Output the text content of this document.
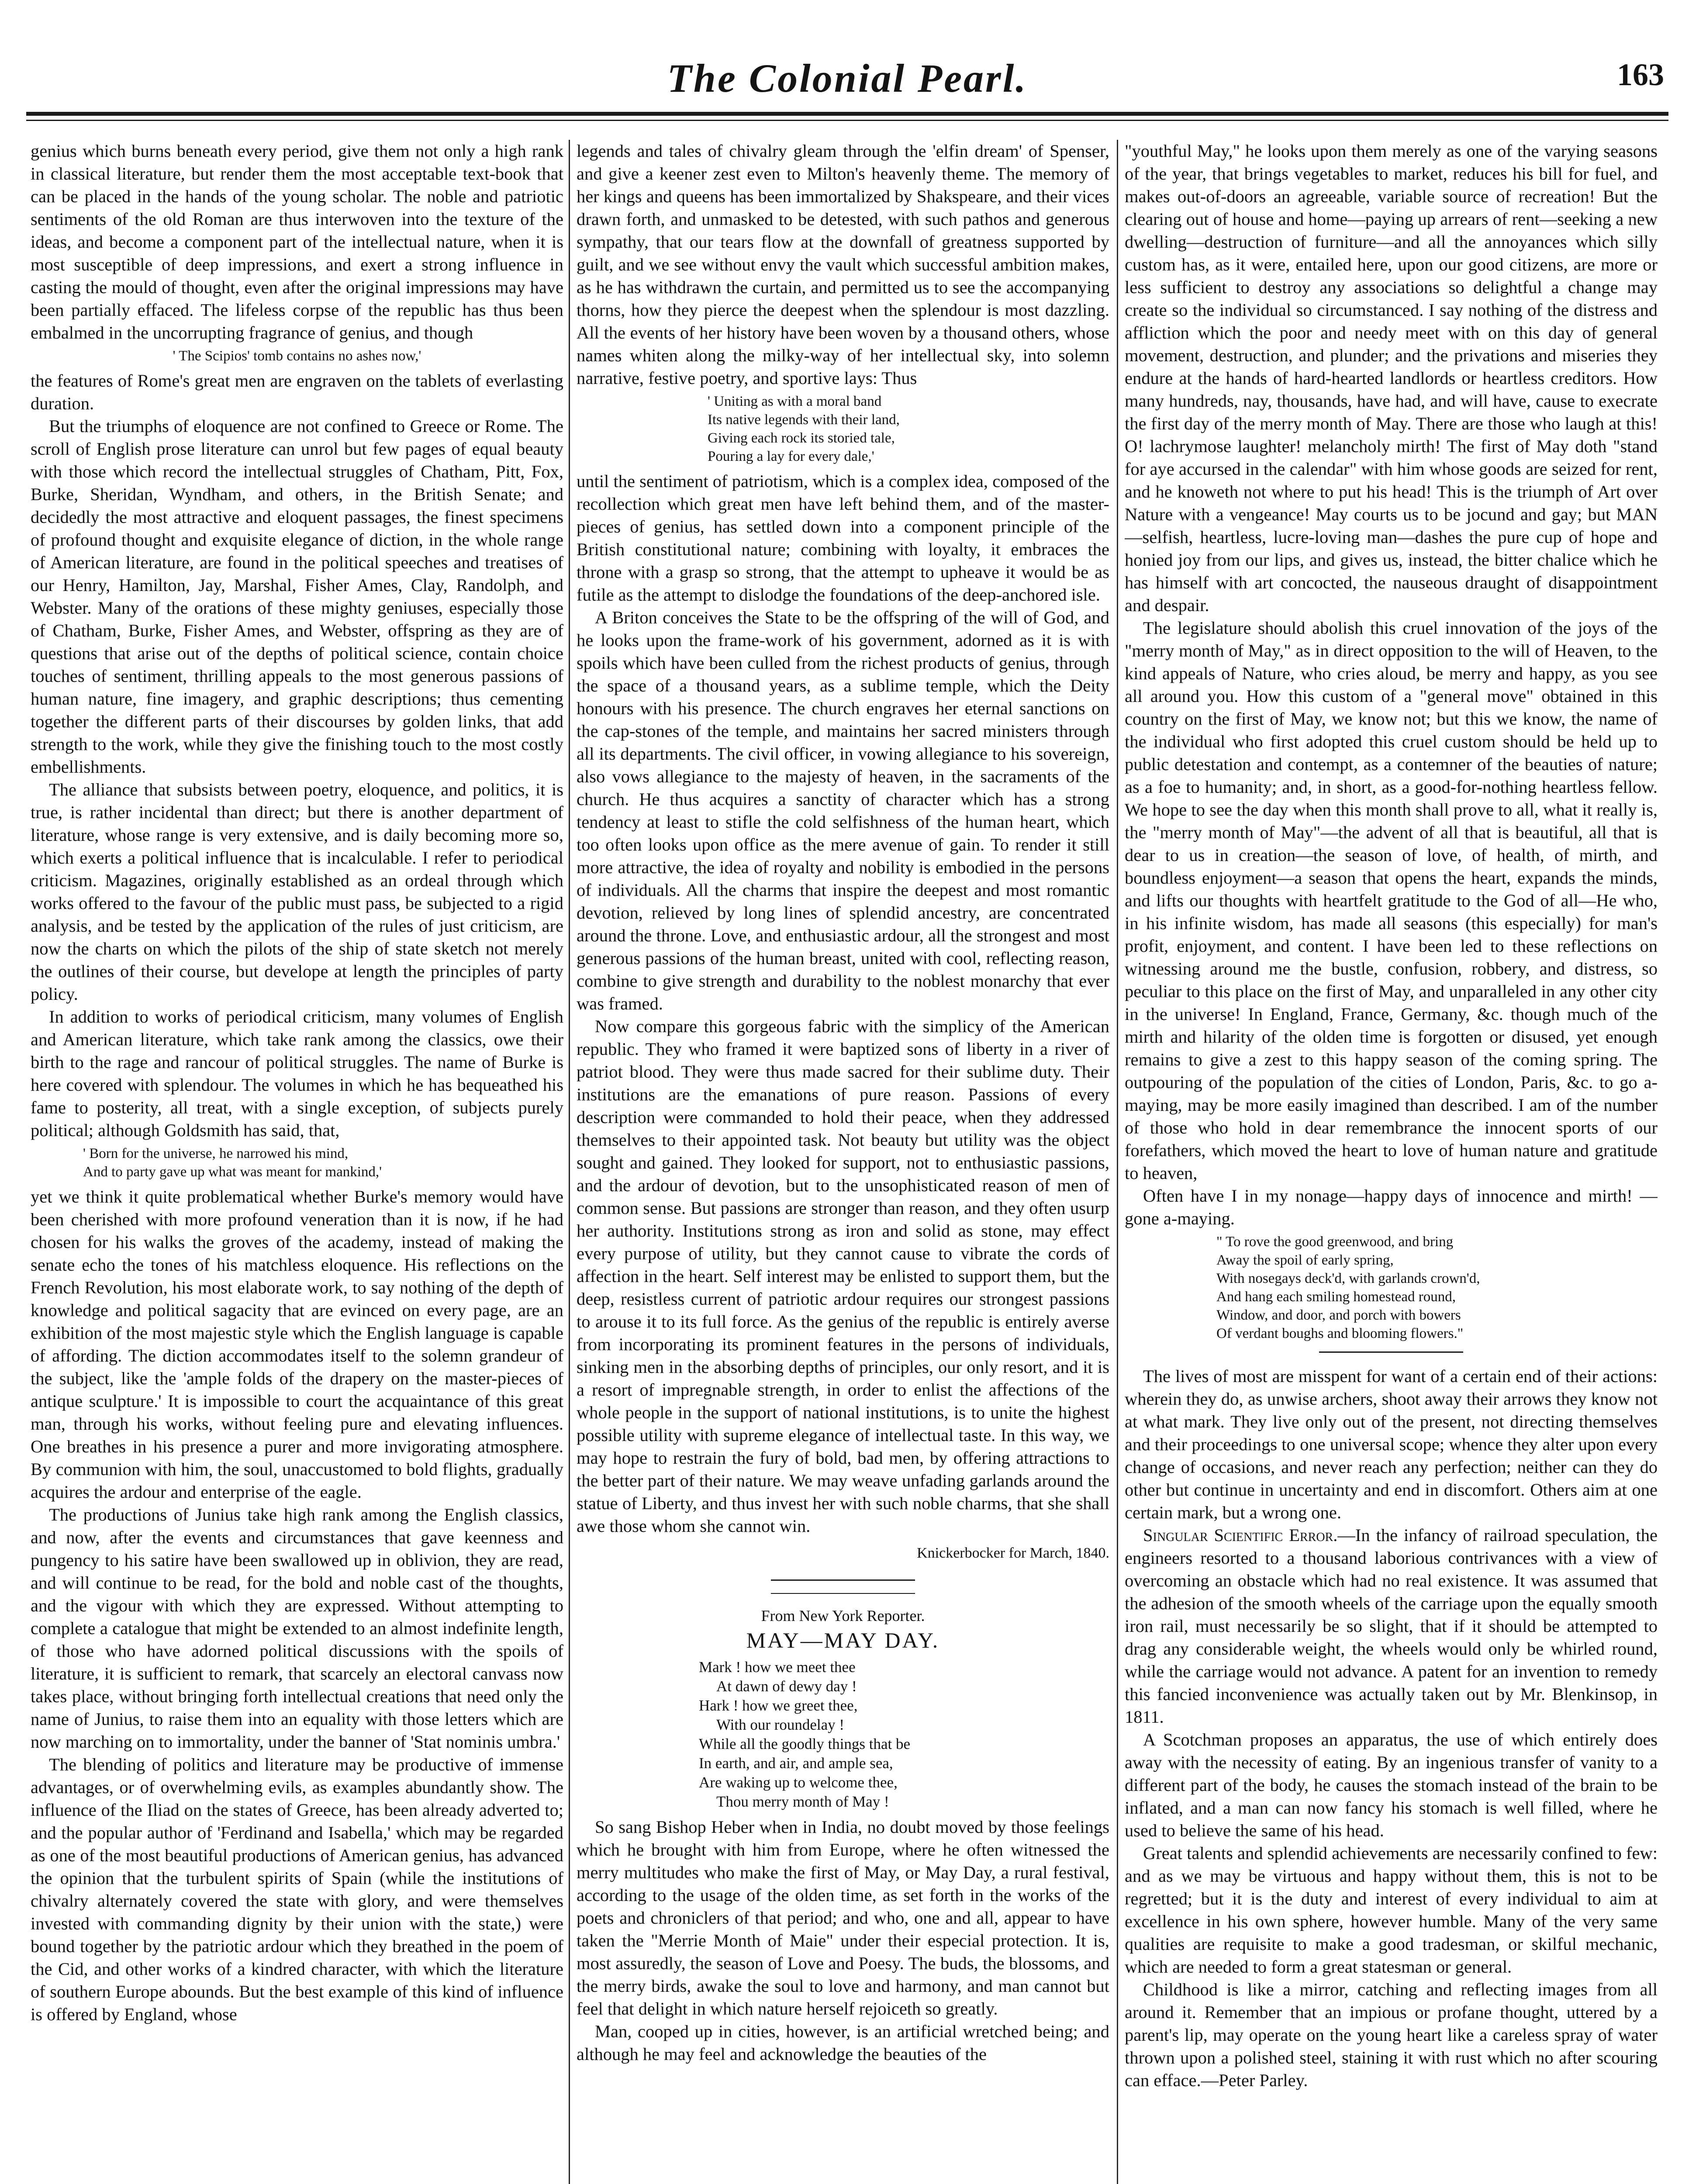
The Colonial Pearl.	163

genius which burns beneath every period, give them not only a high rank in classical literature, but render them the most acceptable text-book that can be placed in the hands of the young scholar. The noble and patriotic sentiments of the old Roman are thus interwoven into the texture of the ideas, and become a component part of the intellectual nature, when it is most susceptible of deep impressions, and exert a strong influence in casting the mould of thought, even after the original impressions may have been partially effaced. The lifeless corpse of the republic has thus been embalmed in the uncorrupting fragrance of genius, and though

' The Scipios' tomb contains no ashes now,'

the features of Rome's great men are engraven on the tablets of everlasting duration.

But the triumphs of eloquence are not confined to Greece or Rome. The scroll of English prose literature can unrol but few pages of equal beauty with those which record the intellectual struggles of Chatham, Pitt, Fox, Burke, Sheridan, Wyndham, and others, in the British Senate; and decidedly the most attractive and eloquent passages, the finest specimens of profound thought and exquisite elegance of diction, in the whole range of American literature, are found in the political speeches and treatises of our Henry, Hamilton, Jay, Marshal, Fisher Ames, Clay, Randolph, and Webster. Many of the orations of these mighty geniuses, especially those of Chatham, Burke, Fisher Ames, and Webster, offspring as they are of questions that arise out of the depths of political science, contain choice touches of sentiment, thrilling appeals to the most generous passions of human nature, fine imagery, and graphic descriptions; thus cementing together the different parts of their discourses by golden links, that add strength to the work, while they give the finishing touch to the most costly embellishments.

The alliance that subsists between poetry, eloquence, and politics, it is true, is rather incidental than direct; but there is another department of literature, whose range is very extensive, and is daily becoming more so, which exerts a political influence that is incalculable. I refer to periodical criticism. Magazines, originally established as an ordeal through which works offered to the favour of the public must pass, be subjected to a rigid analysis, and be tested by the application of the rules of just criticism, are now the charts on which the pilots of the ship of state sketch not merely the outlines of their course, but develope at length the principles of party policy.

In addition to works of periodical criticism, many volumes of English and American literature, which take rank among the classics, owe their birth to the rage and rancour of political struggles. The name of Burke is here covered with splendour. The volumes in which he has bequeathed his fame to posterity, all treat, with a single exception, of subjects purely political; although Goldsmith has said, that,

' Born for the universe, he narrowed his mind,
And to party gave up what was meant for mankind,'

yet we think it quite problematical whether Burke's memory would have been cherished with more profound veneration than it is now, if he had chosen for his walks the groves of the academy, instead of making the senate echo the tones of his matchless eloquence. His reflections on the French Revolution, his most elaborate work, to say nothing of the depth of knowledge and political sagacity that are evinced on every page, are an exhibition of the most majestic style which the English language is capable of affording. The diction accommodates itself to the solemn grandeur of the subject, like the 'ample folds of the drapery on the master-pieces of antique sculpture.' It is impossible to court the acquaintance of this great man, through his works, without feeling pure and elevating influences. One breathes in his presence a purer and more invigorating atmosphere. By communion with him, the soul, unaccustomed to bold flights, gradually acquires the ardour and enterprise of the eagle.

The productions of Junius take high rank among the English classics, and now, after the events and circumstances that gave keenness and pungency to his satire have been swallowed up in oblivion, they are read, and will continue to be read, for the bold and noble cast of the thoughts, and the vigour with which they are expressed. Without attempting to complete a catalogue that might be extended to an almost indefinite length, of those who have adorned political discussions with the spoils of literature, it is sufficient to remark, that scarcely an electoral canvass now takes place, without bringing forth intellectual creations that need only the name of Junius, to raise them into an equality with those letters which are now marching on to immortality, under the banner of 'Stat nominis umbra.'

The blending of politics and literature may be productive of immense advantages, or of overwhelming evils, as examples abundantly show. The influence of the Iliad on the states of Greece, has been already adverted to; and the popular author of 'Ferdinand and Isabella,' which may be regarded as one of the most beautiful productions of American genius, has advanced the opinion that the turbulent spirits of Spain (while the institutions of chivalry alternately covered the state with glory, and were themselves invested with commanding dignity by their union with the state,) were bound together by the patriotic ardour which they breathed in the poem of the Cid, and other works of a kindred character, with which the literature of southern Europe abounds. But the best example of this kind of influence is offered by England, whose

legends and tales of chivalry gleam through the 'elfin dream' of Spenser, and give a keener zest even to Milton's heavenly theme. The memory of her kings and queens has been immortalized by Shakspeare, and their vices drawn forth, and unmasked to be detested, with such pathos and generous sympathy, that our tears flow at the downfall of greatness supported by guilt, and we see without envy the vault which successful ambition makes, as he has withdrawn the curtain, and permitted us to see the accompanying thorns, how they pierce the deepest when the splendour is most dazzling. All the events of her history have been woven by a thousand others, whose names whiten along the milky-way of her intellectual sky, into solemn narrative, festive poetry, and sportive lays: Thus

' Uniting as with a moral band
Its native legends with their land,
Giving each rock its storied tale,
Pouring a lay for every dale,'

until the sentiment of patriotism, which is a complex idea, composed of the recollection which great men have left behind them, and of the master-pieces of genius, has settled down into a component principle of the British constitutional nature; combining with loyalty, it embraces the throne with a grasp so strong, that the attempt to upheave it would be as futile as the attempt to dislodge the foundations of the deep-anchored isle.

A Briton conceives the State to be the offspring of the will of God, and he looks upon the frame-work of his government, adorned as it is with spoils which have been culled from the richest products of genius, through the space of a thousand years, as a sublime temple, which the Deity honours with his presence. The church engraves her eternal sanctions on the cap-stones of the temple, and maintains her sacred ministers through all its departments. The civil officer, in vowing allegiance to his sovereign, also vows allegiance to the majesty of heaven, in the sacraments of the church. He thus acquires a sanctity of character which has a strong tendency at least to stifle the cold selfishness of the human heart, which too often looks upon office as the mere avenue of gain. To render it still more attractive, the idea of royalty and nobility is embodied in the persons of individuals. All the charms that inspire the deepest and most romantic devotion, relieved by long lines of splendid ancestry, are concentrated around the throne. Love, and enthusiastic ardour, all the strongest and most generous passions of the human breast, united with cool, reflecting reason, combine to give strength and durability to the noblest monarchy that ever was framed.

Now compare this gorgeous fabric with the simplicy of the American republic. They who framed it were baptized sons of liberty in a river of patriot blood. They were thus made sacred for their sublime duty. Their institutions are the emanations of pure reason. Passions of every description were commanded to hold their peace, when they addressed themselves to their appointed task. Not beauty but utility was the object sought and gained. They looked for support, not to enthusiastic passions, and the ardour of devotion, but to the unsophisticated reason of men of common sense. But passions are stronger than reason, and they often usurp her authority. Institutions strong as iron and solid as stone, may effect every purpose of utility, but they cannot cause to vibrate the cords of affection in the heart. Self interest may be enlisted to support them, but the deep, resistless current of patriotic ardour requires our strongest passions to arouse it to its full force. As the genius of the republic is entirely averse from incorporating its prominent features in the persons of individuals, sinking men in the absorbing depths of principles, our only resort, and it is a resort of impregnable strength, in order to enlist the affections of the whole people in the support of national institutions, is to unite the highest possible utility with supreme elegance of intellectual taste. In this way, we may hope to restrain the fury of bold, bad men, by offering attractions to the better part of their nature. We may weave unfading garlands around the statue of Liberty, and thus invest her with such noble charms, that she shall awe those whom she cannot win.

Knickerbocker for March, 1840.

From New York Reporter.
MAY—MAY DAY.
Mark ! how we meet thee
At dawn of dewy day !
Hark ! how we greet thee,
With our roundelay !
While all the goodly things that be
In earth, and air, and ample sea,
Are waking up to welcome thee,
Thou merry month of May !

So sang Bishop Heber when in India, no doubt moved by those feelings which he brought with him from Europe, where he often witnessed the merry multitudes who make the first of May, or May Day, a rural festival, according to the usage of the olden time, as set forth in the works of the poets and chroniclers of that period; and who, one and all, appear to have taken the "Merrie Month of Maie" under their especial protection. It is, most assuredly, the season of Love and Poesy. The buds, the blossoms, and the merry birds, awake the soul to love and harmony, and man cannot but feel that delight in which nature herself rejoiceth so greatly.

Man, cooped up in cities, however, is an artificial wretched being; and although he may feel and acknowledge the beauties of the

"youthful May," he looks upon them merely as one of the varying seasons of the year, that brings vegetables to market, reduces his bill for fuel, and makes out-of-doors an agreeable, variable source of recreation! But the clearing out of house and home—paying up arrears of rent—seeking a new dwelling—destruction of furniture—and all the annoyances which silly custom has, as it were, entailed here, upon our good citizens, are more or less sufficient to destroy any associations so delightful a change may create so the individual so circumstanced. I say nothing of the distress and affliction which the poor and needy meet with on this day of general movement, destruction, and plunder; and the privations and miseries they endure at the hands of hard-hearted landlords or heartless creditors. How many hundreds, nay, thousands, have had, and will have, cause to execrate the first day of the merry month of May. There are those who laugh at this! O! lachrymose laughter! melancholy mirth! The first of May doth "stand for aye accursed in the calendar" with him whose goods are seized for rent, and he knoweth not where to put his head! This is the triumph of Art over Nature with a vengeance! May courts us to be jocund and gay; but MAN—selfish, heartless, lucre-loving man—dashes the pure cup of hope and honied joy from our lips, and gives us, instead, the bitter chalice which he has himself with art concocted, the nauseous draught of disappointment and despair.

The legislature should abolish this cruel innovation of the joys of the "merry month of May," as in direct opposition to the will of Heaven, to the kind appeals of Nature, who cries aloud, be merry and happy, as you see all around you. How this custom of a "general move" obtained in this country on the first of May, we know not; but this we know, the name of the individual who first adopted this cruel custom should be held up to public detestation and contempt, as a contemner of the beauties of nature; as a foe to humanity; and, in short, as a good-for-nothing heartless fellow. We hope to see the day when this month shall prove to all, what it really is, the "merry month of May"—the advent of all that is beautiful, all that is dear to us in creation—the season of love, of health, of mirth, and boundless enjoyment—a season that opens the heart, expands the minds, and lifts our thoughts with heartfelt gratitude to the God of all—He who, in his infinite wisdom, has made all seasons (this especially) for man's profit, enjoyment, and content. I have been led to these reflections on witnessing around me the bustle, confusion, robbery, and distress, so peculiar to this place on the first of May, and unparalleled in any other city in the universe! In England, France, Germany, &c. though much of the mirth and hilarity of the olden time is forgotten or disused, yet enough remains to give a zest to this happy season of the coming spring. The outpouring of the population of the cities of London, Paris, &c. to go a-maying, may be more easily imagined than described. I am of the number of those who hold in dear remembrance the innocent sports of our forefathers, which moved the heart to love of human nature and gratitude to heaven,

Often have I in my nonage—happy days of innocence and mirth! —gone a-maying.

" To rove the good greenwood, and bring
Away the spoil of early spring,
With nosegays deck'd, with garlands crown'd,
And hang each smiling homestead round,
Window, and door, and porch with bowers
Of verdant boughs and blooming flowers."

The lives of most are misspent for want of a certain end of their actions: wherein they do, as unwise archers, shoot away their arrows they know not at what mark. They live only out of the present, not directing themselves and their proceedings to one universal scope; whence they alter upon every change of occasions, and never reach any perfection; neither can they do other but continue in uncertainty and end in discomfort. Others aim at one certain mark, but a wrong one.

Singular Scientific Error.—In the infancy of railroad speculation, the engineers resorted to a thousand laborious contrivances with a view of overcoming an obstacle which had no real existence. It was assumed that the adhesion of the smooth wheels of the carriage upon the equally smooth iron rail, must necessarily be so slight, that if it should be attempted to drag any considerable weight, the wheels would only be whirled round, while the carriage would not advance. A patent for an invention to remedy this fancied inconvenience was actually taken out by Mr. Blenkinsop, in 1811.

A Scotchman proposes an apparatus, the use of which entirely does away with the necessity of eating. By an ingenious transfer of vanity to a different part of the body, he causes the stomach instead of the brain to be inflated, and a man can now fancy his stomach is well filled, where he used to believe the same of his head.

Great talents and splendid achievements are necessarily confined to few: and as we may be virtuous and happy without them, this is not to be regretted; but it is the duty and interest of every individual to aim at excellence in his own sphere, however humble. Many of the very same qualities are requisite to make a good tradesman, or skilful mechanic, which are needed to form a great statesman or general.

Childhood is like a mirror, catching and reflecting images from all around it. Remember that an impious or profane thought, uttered by a parent's lip, may operate on the young heart like a careless spray of water thrown upon a polished steel, staining it with rust which no after scouring can efface.—Peter Parley.
